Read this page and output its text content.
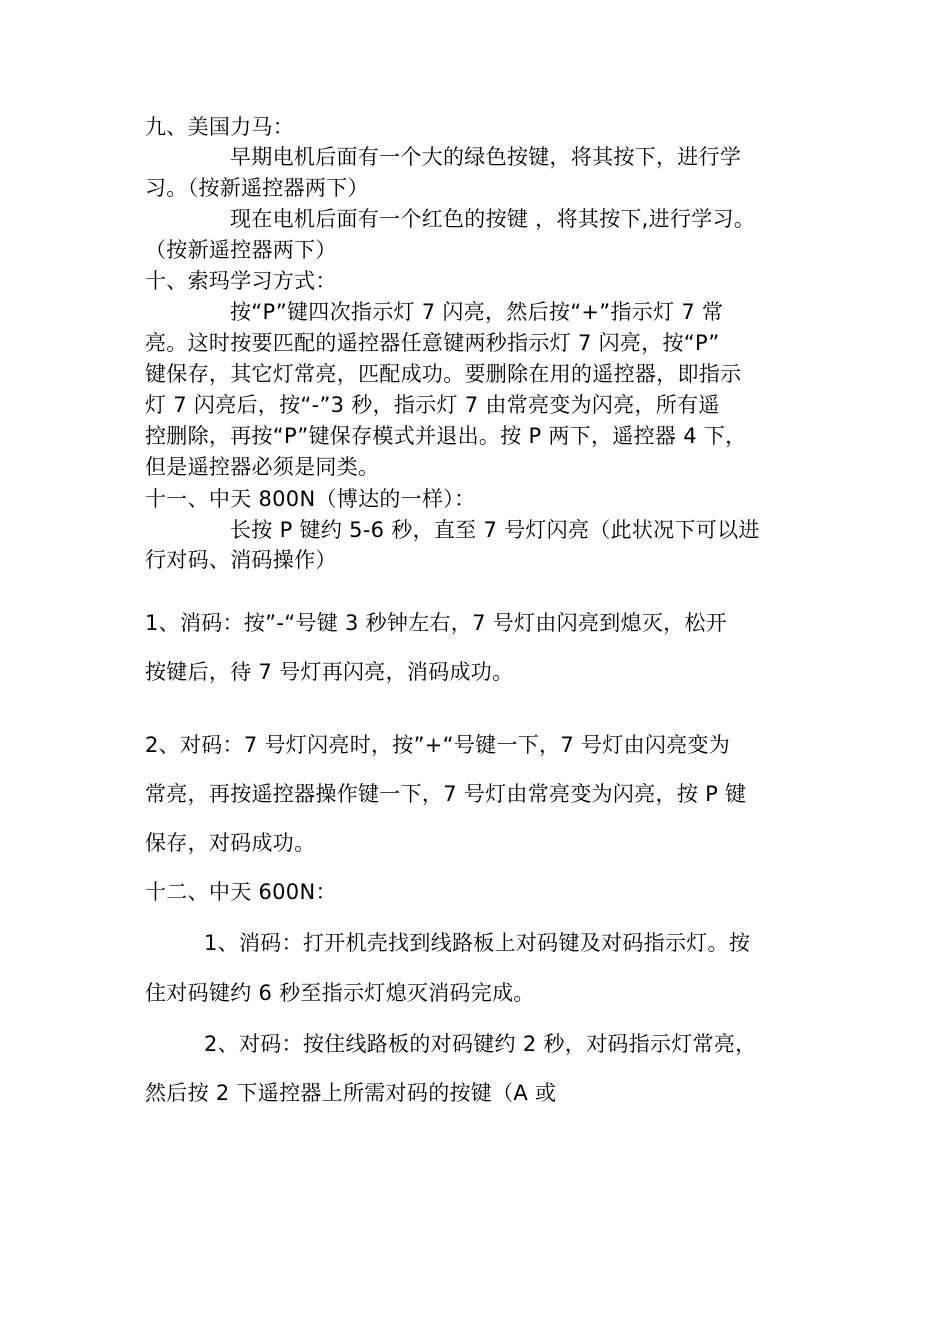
九、美国力马：
早期电机后面有一个大的绿色按键，将其按下，进行学
习。（按新遥控器两下）
现在电机后面有一个红色的按键 ，将其按下,进行学习。
（按新遥控器两下）
十、索玛学习方式：
按“P”键四次指示灯 7 闪亮，然后按“+”指示灯 7 常
亮。这时按要匹配的遥控器任意键两秒指示灯 7 闪亮，按“P”
键保存，其它灯常亮，匹配成功。要删除在用的遥控器，即指示
灯 7 闪亮后，按“-”3 秒，指示灯 7 由常亮变为闪亮，所有遥
控删除，再按“P”键保存模式并退出。按 P 两下，遥控器 4 下，
但是遥控器必须是同类。
十一、中天 800N（博达的一样）：
长按 P 键约 5-6 秒，直至 7 号灯闪亮（此状况下可以进
行对码、消码操作）
1、消码：按”-“号键 3 秒钟左右，7 号灯由闪亮到熄灭，松开
按键后，待 7 号灯再闪亮，消码成功。
2、对码：7 号灯闪亮时，按”+“号键一下，7 号灯由闪亮变为
常亮，再按遥控器操作键一下，7 号灯由常亮变为闪亮，按 P 键
保存，对码成功。
十二、中天 600N：
1、消码：打开机壳找到线路板上对码键及对码指示灯。按
住对码键约 6 秒至指示灯熄灭消码完成。
2、对码：按住线路板的对码键约 2 秒，对码指示灯常亮，
然后按 2 下遥控器上所需对码的按键（A 或
